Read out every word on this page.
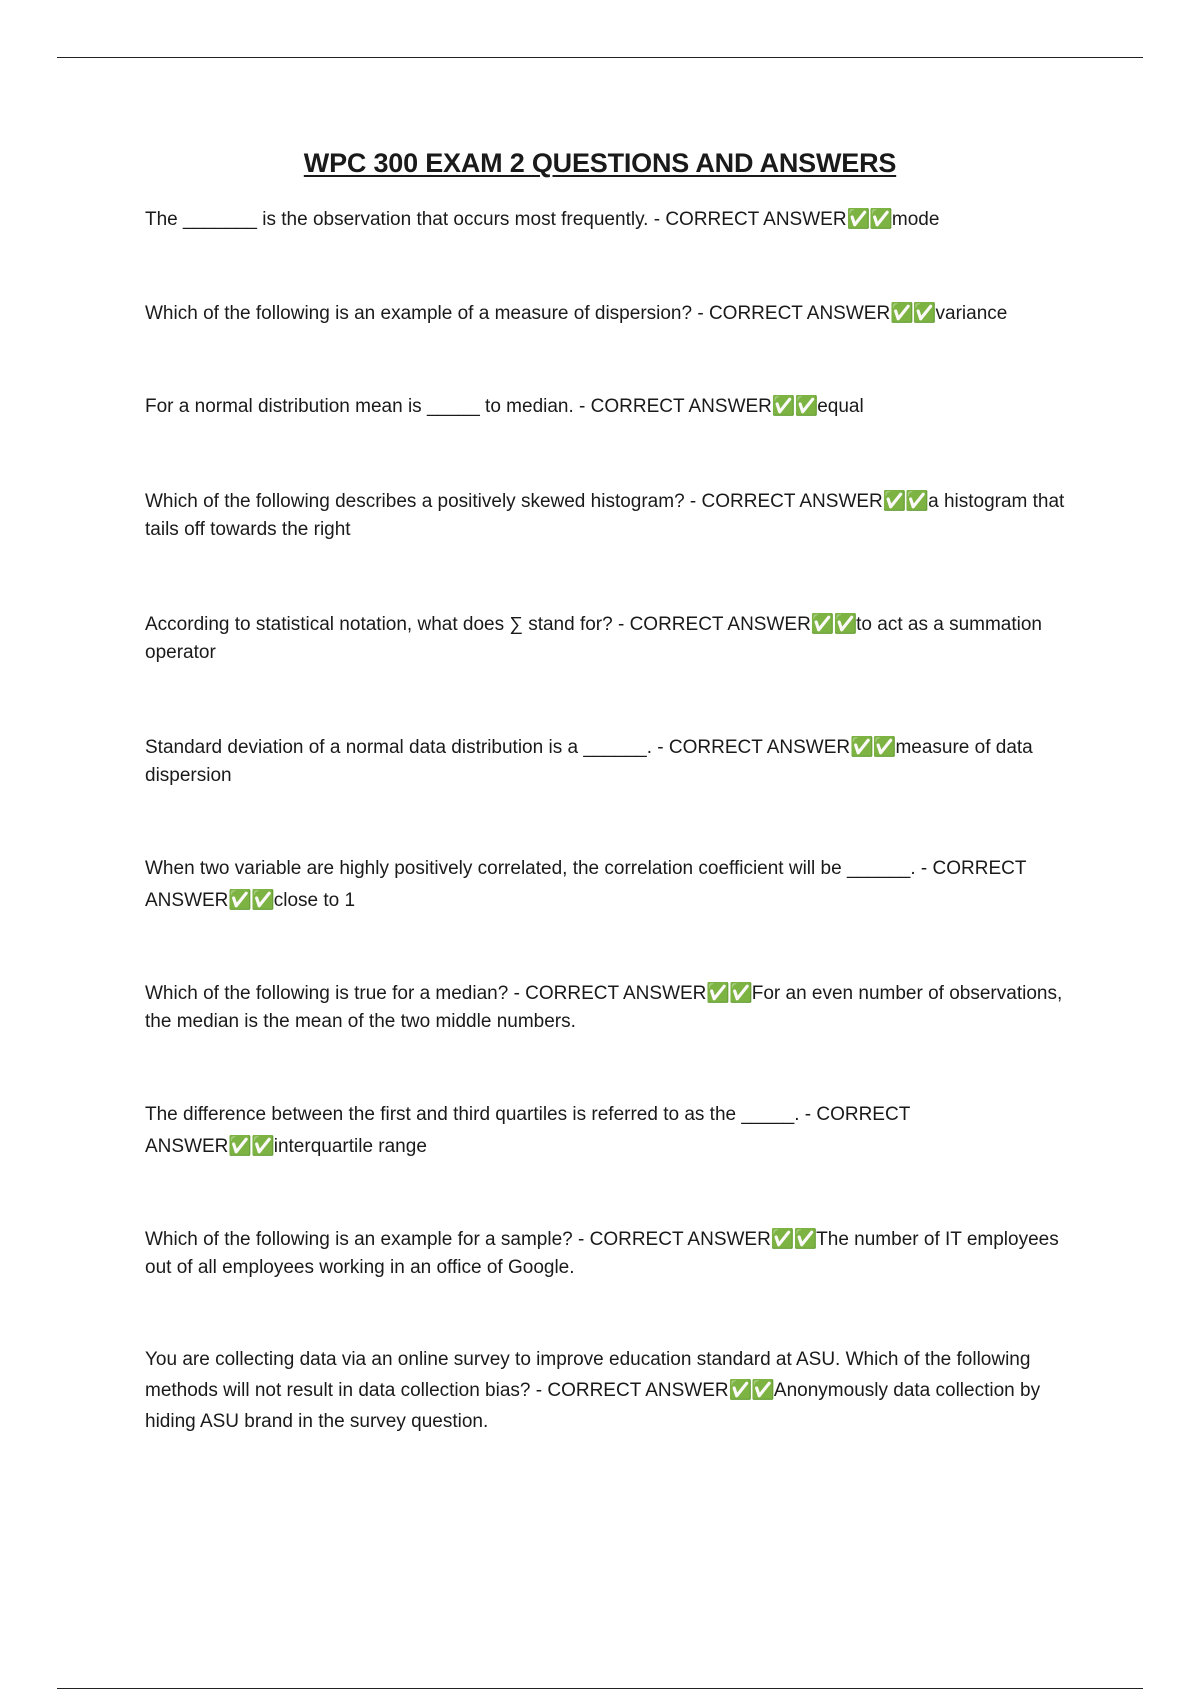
WPC 300 EXAM 2 QUESTIONS AND ANSWERS
The _______ is the observation that occurs most frequently. - CORRECT ANSWER✅✅mode
Which of the following is an example of a measure of dispersion? - CORRECT ANSWER✅✅variance
For a normal distribution mean is _____ to median. - CORRECT ANSWER✅✅equal
Which of the following describes a positively skewed histogram? - CORRECT ANSWER✅✅a histogram that tails off towards the right
According to statistical notation, what does ∑ stand for? - CORRECT ANSWER✅✅to act as a summation operator
Standard deviation of a normal data distribution is a ______. - CORRECT ANSWER✅✅measure of data dispersion
When two variable are highly positively correlated, the correlation coefficient will be ______. - CORRECT ANSWER✅✅close to 1
Which of the following is true for a median? - CORRECT ANSWER✅✅For an even number of observations, the median is the mean of the two middle numbers.
The difference between the first and third quartiles is referred to as the _____. - CORRECT ANSWER✅✅interquartile range
Which of the following is an example for a sample? - CORRECT ANSWER✅✅The number of IT employees out of all employees working in an office of Google.
You are collecting data via an online survey to improve education standard at ASU. Which of the following methods will not result in data collection bias? - CORRECT ANSWER✅✅Anonymously data collection by hiding ASU brand in the survey question.
